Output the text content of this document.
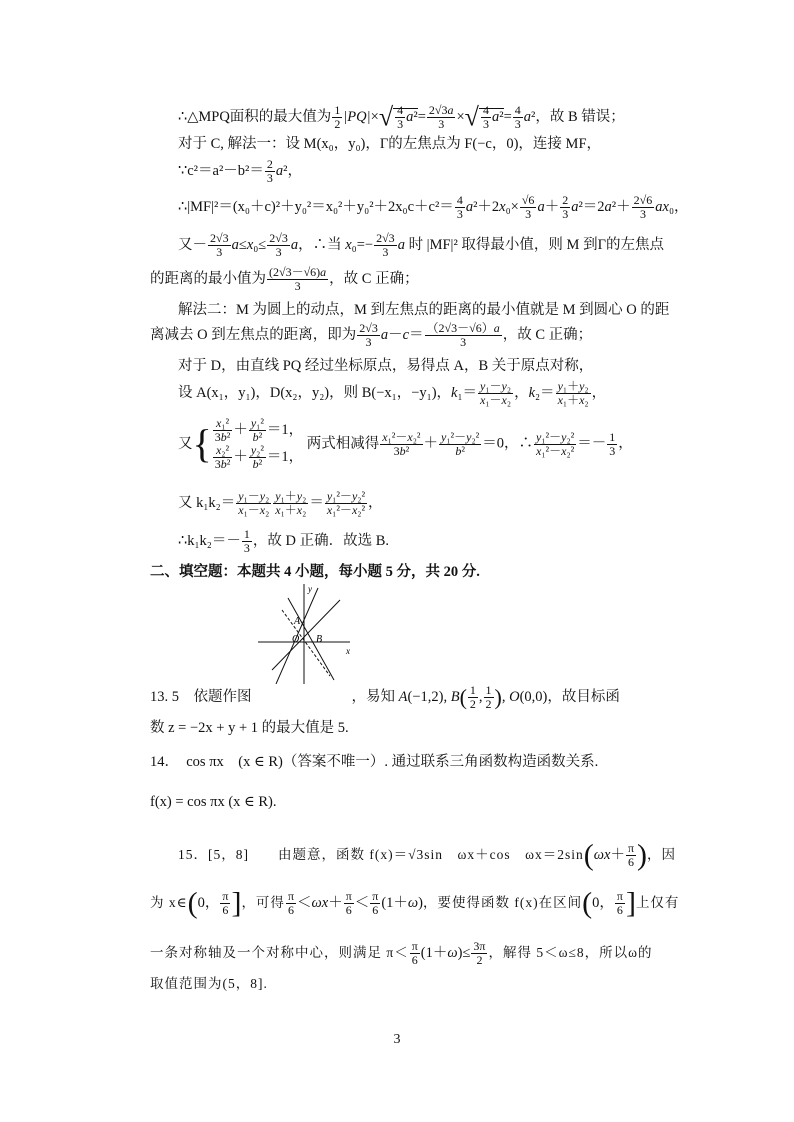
∴△MPQ面积的最大值为 $\frac{1}{2} |PQ|\times√ \frac{4}{3} a^2= \frac{2√3a}{3}$ ×√ $\frac{4}{3} a^2= \frac{4}{3} a^2$，故 B 错误；
对于 C, 解法一：设 M(x₀，y₀)，Γ的左焦点为 F(−c，0)，连接 MF，
∵c²＝a²－b²＝ $\frac{2}{3} a^2$，
∴|MF|²＝(x₀＋c)²＋y₀²＝x₀²＋y₀²＋2x₀c＋c²＝ $\frac{4}{3} a^2+2x_0\times \frac{√6}{3} a+ \frac{2}{3} a^2=2a^2+ \frac{2√6}{3} ax_0$，
又－ $\frac{2√3}{3} a\le x_0\le \frac{2√3}{3}$ a，∴当 $x_0=- \frac{2√3}{3}$ a 时 |MF|² 取得最小值，则 M 到Γ的左焦点
的距离的最小值为 $\frac{(2√3-√6)a}{3}$ ，故 C 正确；
解法二：M 为圆上的动点，M 到左焦点的距离的最小值就是 M 到圆心 O 的距
离减去 O 到左焦点的距离，即为 $\frac{2√3}{3} a-c= \frac{(2√3-√6)a}{3}$ ，故 C 正确；
对于 D，由直线 PQ 经过坐标原点，易得点 A，B 关于原点对称，
设 A(x₁，y₁)，D(x₂，y₂)，则 B(−x₁，−y₁)，$k_1= \frac{\text{y₁－y₂}}{\text{x₁－x₂}}$ ，$k_2= \frac{\text{y₁＋y₂}}{\text{x₁＋x₂}}$ ，
又{ $\frac{\text{x₁²}}{\text{3b²}} + \frac{\text{y₁²}}{\text{b²}} =1$，
$\frac{\text{x₂²}}{\text{3b²}} + \frac{\text{y₂²}}{\text{b²}} =1$，
两式相减得 $\frac{\text{x₁²－x₂²}}{\text{3b²}} + \frac{\text{y₁²－y₂²}}{\text{b²}} =0$，∴ $\frac{\text{y₁²－y₂²}}{\text{x₁²－x₂²}} =- \frac{1}{3}$ ，
又 $k_1k_2= \frac{\text{y₁－y₂}}{\text{x₁－x₂}} \frac{\text{y₁＋y₂}}{\text{x₁＋x₂}} = \frac{\text{y₁²－y₂²}}{\text{x₁²－x₂²}}$ ，
∴k₁k₂＝－ $\frac{1}{3}$ ，故 D 正确．故选 B.
二、填空题：本题共 4 小题，每小题 5 分，共 20 分.
y
x
A
O B
13. 5　依题作图	，易知 A(−1,2), $B( \frac{1}{2}$ , $\frac{1}{2}$ ), O(0,0)，故目标函
数 z = −2x + y + 1 的最大值是 5.
14．　cos πx　(x ∈ R)（答案不唯一）. 通过联系三角函数构造函数关系.
f(x) = cos πx (x ∈ R).
15．[5，8]　　由题意，函数 f(x)＝√3sin　ωx＋cos　$\omega x=2\sin(\omega x+ \frac{\pi}{6}$ )，因
为 x∈(0， $\frac{\pi}{6}$ ]，可得 $\frac{\pi}{6} <\omega x+ \frac{\pi}{6} < \frac{\pi}{6} (1+\omega)$，要使得函数 f(x)在区间(0， $\frac{\pi}{6}$ ]上仅有
一条对称轴及一个对称中心，则满足 $\pi< \frac{\pi}{6} (1+\omega)\le \frac{3\pi}{2}$ ，解得 5＜ω≤8，所以ω的
取值范围为(5，8].
3
